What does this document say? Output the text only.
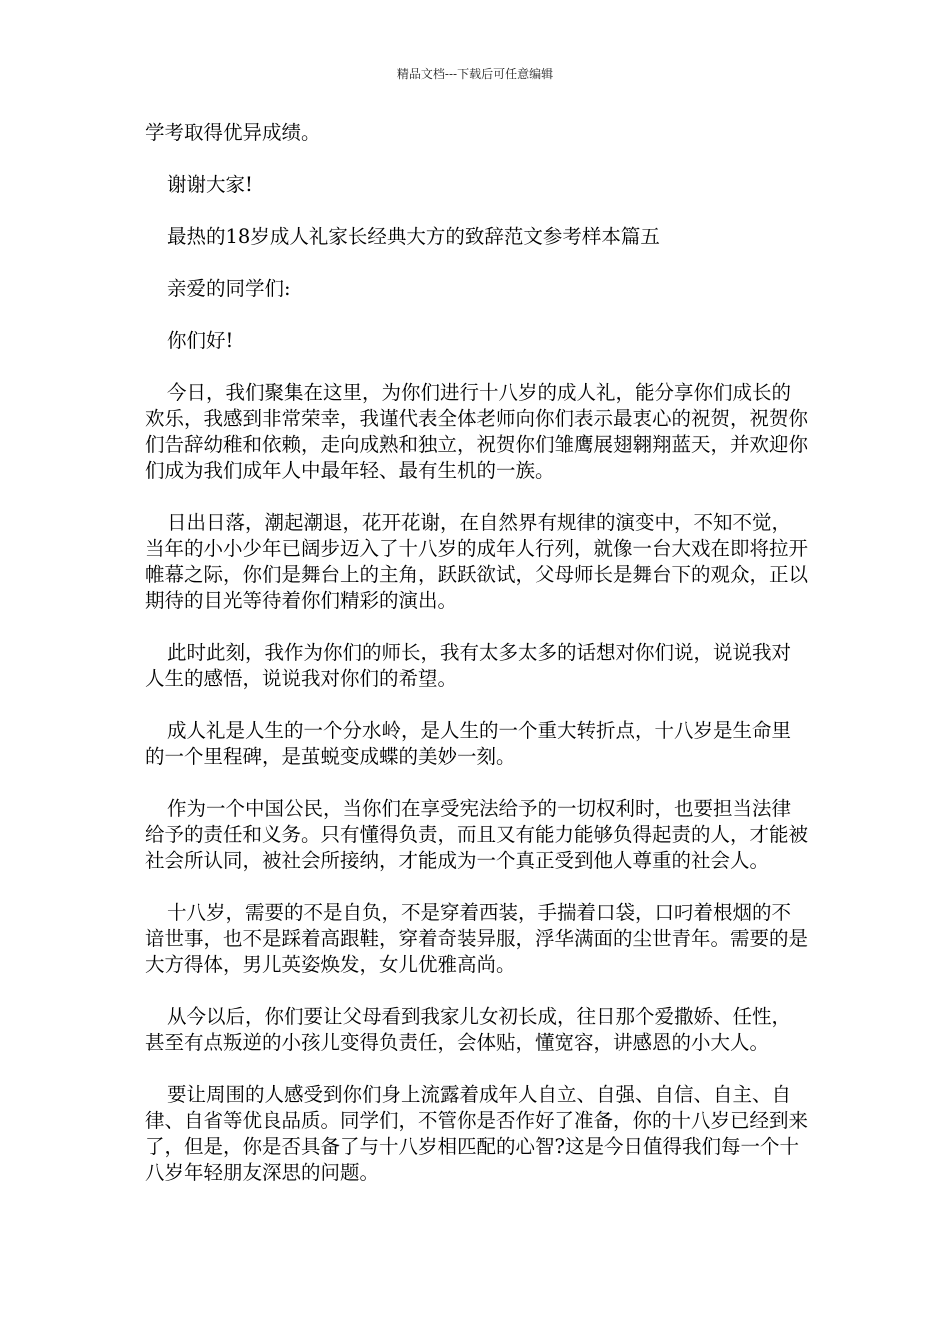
精品文档---下载后可任意编辑

学考取得优异成绩。

谢谢大家!

最热的18岁成人礼家长经典大方的致辞范文参考样本篇五

亲爱的同学们:

你们好!

今日，我们聚集在这里，为你们进行十八岁的成人礼，能分享你们成长的欢乐，我感到非常荣幸，我谨代表全体老师向你们表示最衷心的祝贺，祝贺你们告辞幼稚和依赖，走向成熟和独立，祝贺你们雏鹰展翅翱翔蓝天，并欢迎你们成为我们成年人中最年轻、最有生机的一族。

日出日落，潮起潮退，花开花谢，在自然界有规律的演变中，不知不觉，当年的小小少年已阔步迈入了十八岁的成年人行列，就像一台大戏在即将拉开帷幕之际，你们是舞台上的主角，跃跃欲试，父母师长是舞台下的观众，正以期待的目光等待着你们精彩的演出。

此时此刻，我作为你们的师长，我有太多太多的话想对你们说，说说我对人生的感悟，说说我对你们的希望。

成人礼是人生的一个分水岭，是人生的一个重大转折点，十八岁是生命里的一个里程碑，是茧蜕变成蝶的美妙一刻。

作为一个中国公民，当你们在享受宪法给予的一切权利时，也要担当法律给予的责任和义务。只有懂得负责，而且又有能力能够负得起责的人，才能被社会所认同，被社会所接纳，才能成为一个真正受到他人尊重的社会人。

十八岁，需要的不是自负，不是穿着西装，手揣着口袋，口叼着根烟的不谙世事，也不是踩着高跟鞋，穿着奇装异服，浮华满面的尘世青年。需要的是大方得体，男儿英姿焕发，女儿优雅高尚。

从今以后，你们要让父母看到我家儿女初长成，往日那个爱撒娇、任性，甚至有点叛逆的小孩儿变得负责任，会体贴，懂宽容，讲感恩的小大人。

要让周围的人感受到你们身上流露着成年人自立、自强、自信、自主、自律、自省等优良品质。同学们，不管你是否作好了准备，你的十八岁已经到来了，但是，你是否具备了与十八岁相匹配的心智?这是今日值得我们每一个十八岁年轻朋友深思的问题。
